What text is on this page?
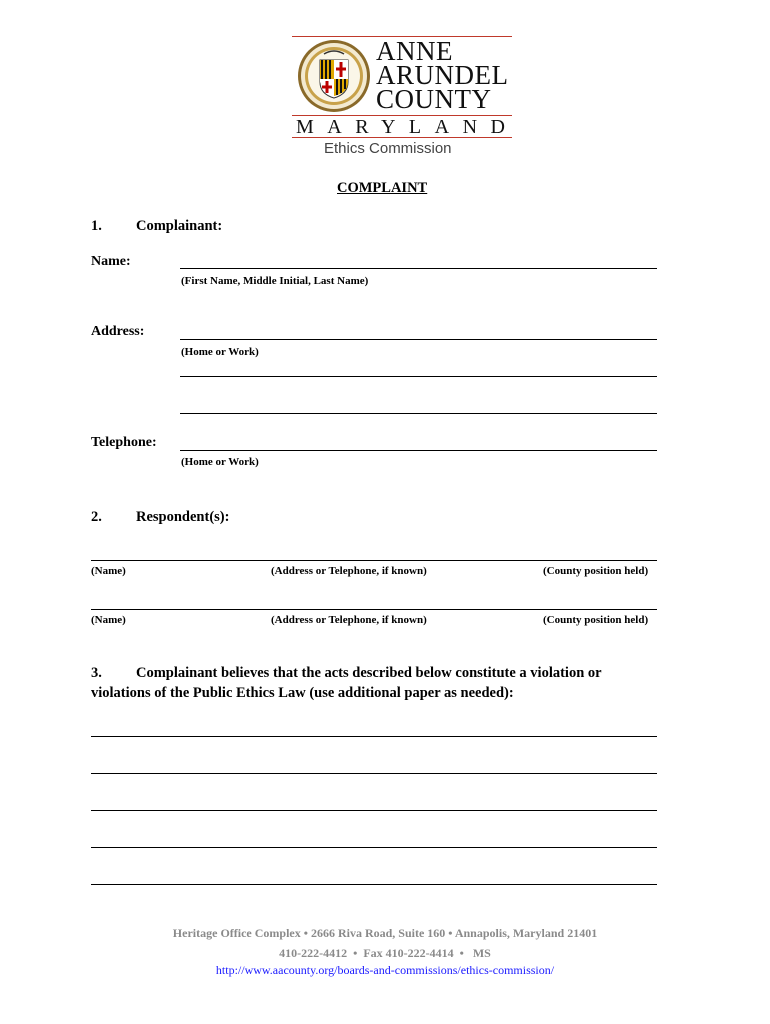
ANNE
ARUNDEL
COUNTY
MARYLAND
Ethics Commission
COMPLAINT
1. Complainant:
Name:
(First Name, Middle Initial, Last Name)
Address:
(Home or Work)
Telephone:
(Home or Work)
2. Respondent(s):
(Name)	(Address or Telephone, if known)	(County position held)
(Name)	(Address or Telephone, if known)	(County position held)
3. Complainant believes that the acts described below constitute a violation or
violations of the Public Ethics Law (use additional paper as needed):
Heritage Office Complex • 2666 Riva Road, Suite 160 • Annapolis, Maryland 21401
410-222-4412  •  Fax 410-222-4414  •   MS
http://www.aacounty.org/boards-and-commissions/ethics-commission/
